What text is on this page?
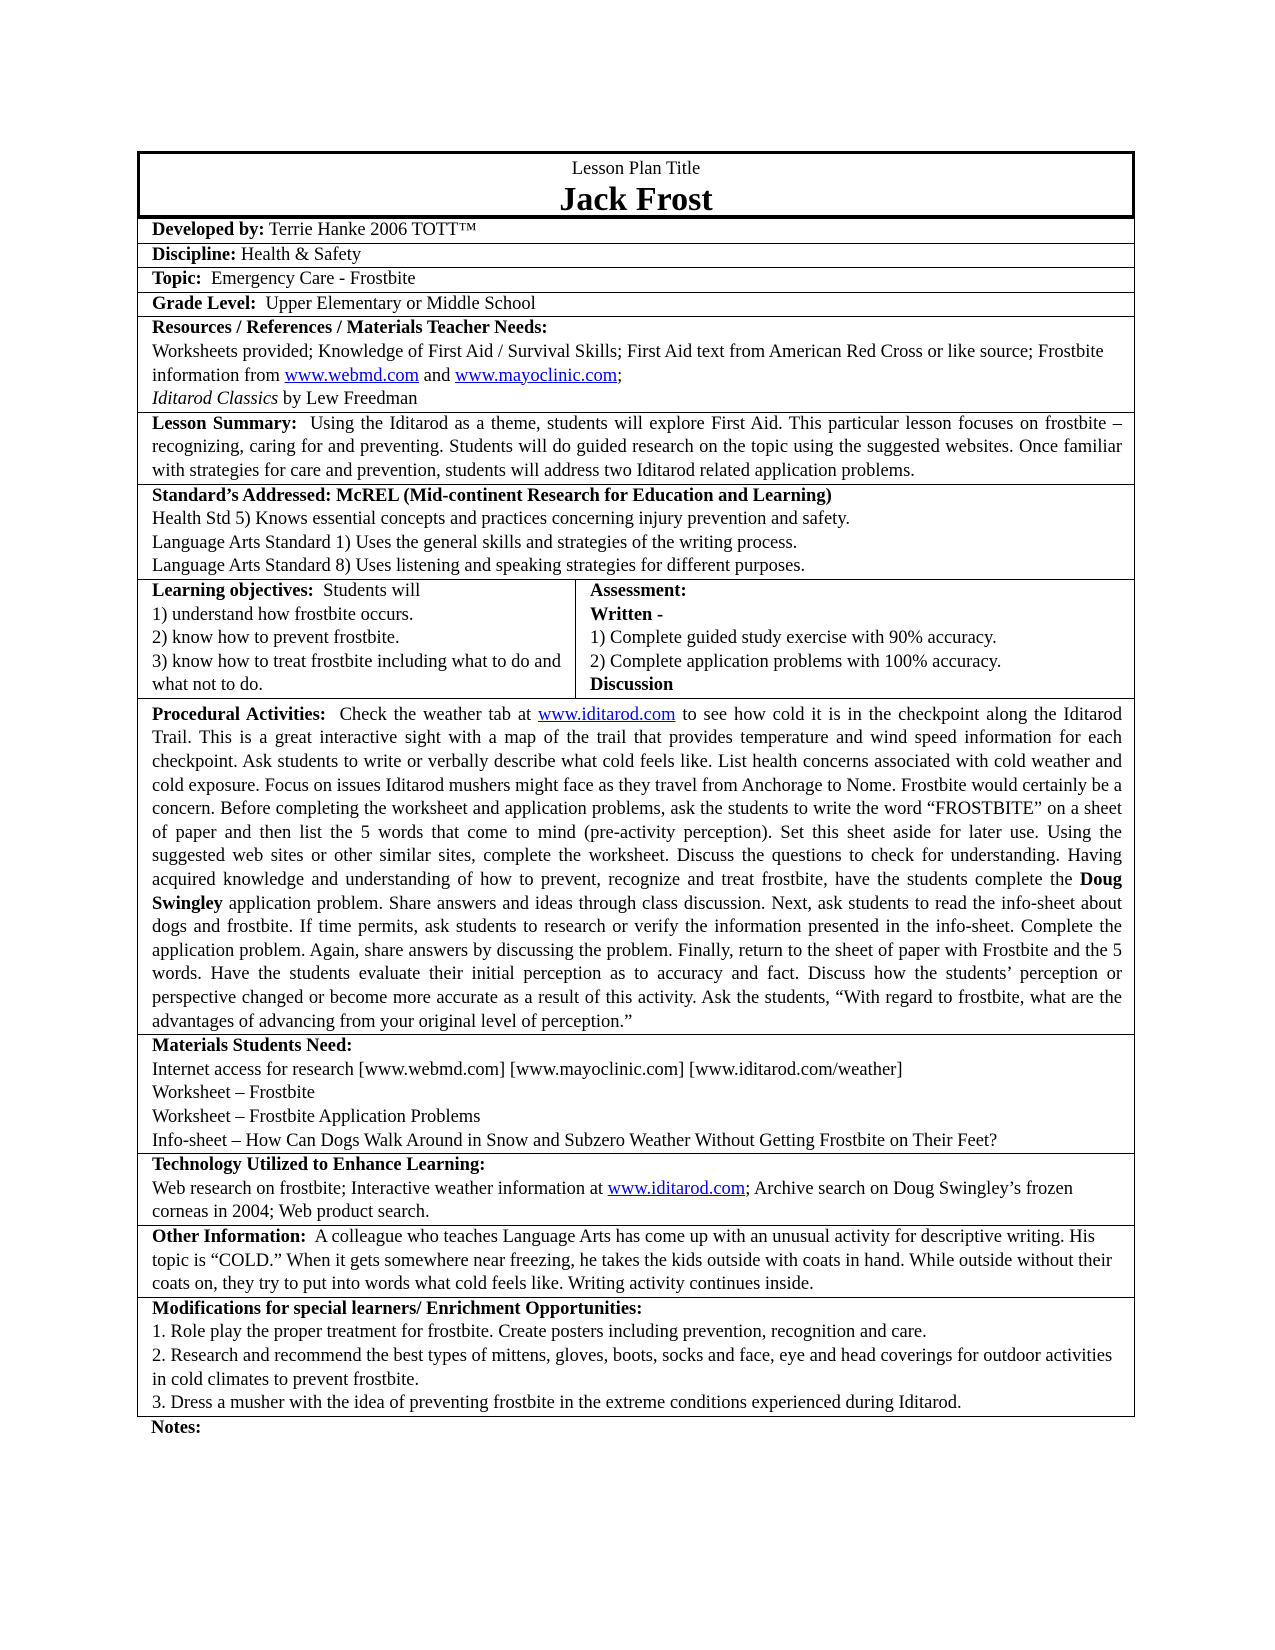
Lesson Plan Title
Jack Frost
Developed by: Terrie Hanke 2006 TOTT™
Discipline: Health & Safety
Topic: Emergency Care - Frostbite
Grade Level: Upper Elementary or Middle School
Resources / References / Materials Teacher Needs:
Worksheets provided; Knowledge of First Aid / Survival Skills; First Aid text from American Red Cross or like source; Frostbite information from www.webmd.com and www.mayoclinic.com;
Iditarod Classics by Lew Freedman
Lesson Summary: Using the Iditarod as a theme, students will explore First Aid. This particular lesson focuses on frostbite – recognizing, caring for and preventing. Students will do guided research on the topic using the suggested websites. Once familiar with strategies for care and prevention, students will address two Iditarod related application problems.
Standard’s Addressed: McREL (Mid-continent Research for Education and Learning)
Health Std 5) Knows essential concepts and practices concerning injury prevention and safety.
Language Arts Standard 1) Uses the general skills and strategies of the writing process.
Language Arts Standard 8) Uses listening and speaking strategies for different purposes.
Learning objectives: Students will
1) understand how frostbite occurs.
2) know how to prevent frostbite.
3) know how to treat frostbite including what to do and what not to do.	Assessment:
Written -
1) Complete guided study exercise with 90% accuracy.
2) Complete application problems with 100% accuracy.
Discussion
Procedural Activities: Check the weather tab at www.iditarod.com to see how cold it is in the checkpoint along the Iditarod Trail. This is a great interactive sight with a map of the trail that provides temperature and wind speed information for each checkpoint. Ask students to write or verbally describe what cold feels like. List health concerns associated with cold weather and cold exposure. Focus on issues Iditarod mushers might face as they travel from Anchorage to Nome. Frostbite would certainly be a concern. Before completing the worksheet and application problems, ask the students to write the word “FROSTBITE” on a sheet of paper and then list the 5 words that come to mind (pre-activity perception). Set this sheet aside for later use. Using the suggested web sites or other similar sites, complete the worksheet. Discuss the questions to check for understanding. Having acquired knowledge and understanding of how to prevent, recognize and treat frostbite, have the students complete the Doug Swingley application problem. Share answers and ideas through class discussion. Next, ask students to read the info-sheet about dogs and frostbite. If time permits, ask students to research or verify the information presented in the info-sheet. Complete the application problem. Again, share answers by discussing the problem. Finally, return to the sheet of paper with Frostbite and the 5 words. Have the students evaluate their initial perception as to accuracy and fact. Discuss how the students’ perception or perspective changed or become more accurate as a result of this activity. Ask the students, “With regard to frostbite, what are the advantages of advancing from your original level of perception.”
Materials Students Need:
Internet access for research [www.webmd.com] [www.mayoclinic.com] [www.iditarod.com/weather]
Worksheet – Frostbite
Worksheet – Frostbite Application Problems
Info-sheet – How Can Dogs Walk Around in Snow and Subzero Weather Without Getting Frostbite on Their Feet?
Technology Utilized to Enhance Learning:
Web research on frostbite; Interactive weather information at www.iditarod.com; Archive search on Doug Swingley’s frozen corneas in 2004; Web product search.
Other Information: A colleague who teaches Language Arts has come up with an unusual activity for descriptive writing. His topic is “COLD.” When it gets somewhere near freezing, he takes the kids outside with coats in hand. While outside without their coats on, they try to put into words what cold feels like. Writing activity continues inside.
Modifications for special learners/ Enrichment Opportunities:
1. Role play the proper treatment for frostbite. Create posters including prevention, recognition and care.
2. Research and recommend the best types of mittens, gloves, boots, socks and face, eye and head coverings for outdoor activities in cold climates to prevent frostbite.
3. Dress a musher with the idea of preventing frostbite in the extreme conditions experienced during Iditarod.
Notes:
